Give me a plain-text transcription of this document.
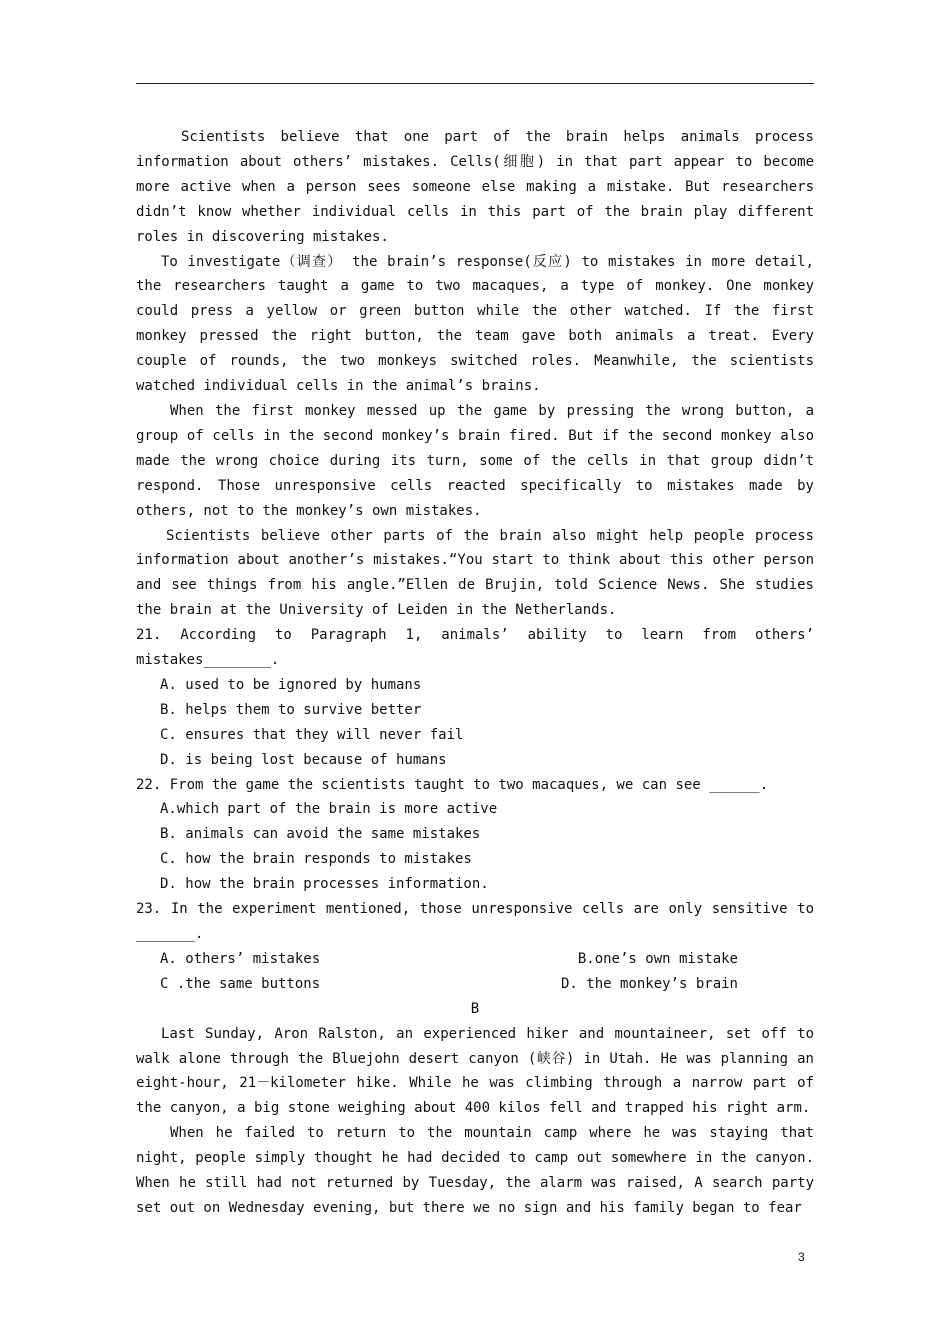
Scientists believe that one part of the brain helps animals process information about others’ mistakes. Cells(细胞) in that part appear to become more active when a person sees someone else making a mistake. But researchers didn’t know whether individual cells in this part of the brain play different roles in discovering mistakes.

To investigate（调查） the brain’s response(反应) to mistakes in more detail, the researchers taught a game to two macaques, a type of monkey. One monkey could press a yellow or green button while the other watched. If the first monkey pressed the right button, the team gave both animals a treat. Every couple of rounds, the two monkeys switched roles. Meanwhile, the scientists watched individual cells in the animal’s brains.

When the first monkey messed up the game by pressing the wrong button, a group of cells in the second monkey’s brain fired. But if the second monkey also made the wrong choice during its turn, some of the cells in that group didn’t respond. Those unresponsive cells reacted specifically to mistakes made by others, not to the monkey’s own mistakes.

Scientists believe other parts of the brain also might help people process information about another’s mistakes.“You start to think about this other person and see things from his angle.”Ellen de Brujin, told Science News. She studies the brain at the University of Leiden in the Netherlands.

21. According to Paragraph 1, animals’ ability to learn from others’ mistakes________.

A. used to be ignored by humans

B. helps them to survive better

C. ensures that they will never fail

D. is being lost because of humans

22. From the game the scientists taught to two macaques, we can see ______.

A.which part of the brain is more active

B. animals can avoid the same mistakes

C. how the brain responds to mistakes

D. how the brain processes information.

23. In the experiment mentioned, those unresponsive cells are only sensitive to _______.

A. others’ mistakes	B.one’s own mistake
C .the same buttons	D. the monkey’s brain

B

Last Sunday, Aron Ralston, an experienced hiker and mountaineer, set off to walk alone through the Bluejohn desert canyon (峡谷) in Utah. He was planning an eight-hour, 21－kilometer hike. While he was climbing through a narrow part of the canyon, a big stone weighing about 400 kilos fell and trapped his right arm.

When he failed to return to the mountain camp where he was staying that night, people simply thought he had decided to camp out somewhere in the canyon. When he still had not returned by Tuesday, the alarm was raised, A search party set out on Wednesday evening, but there we no sign and his family began to fear

3
